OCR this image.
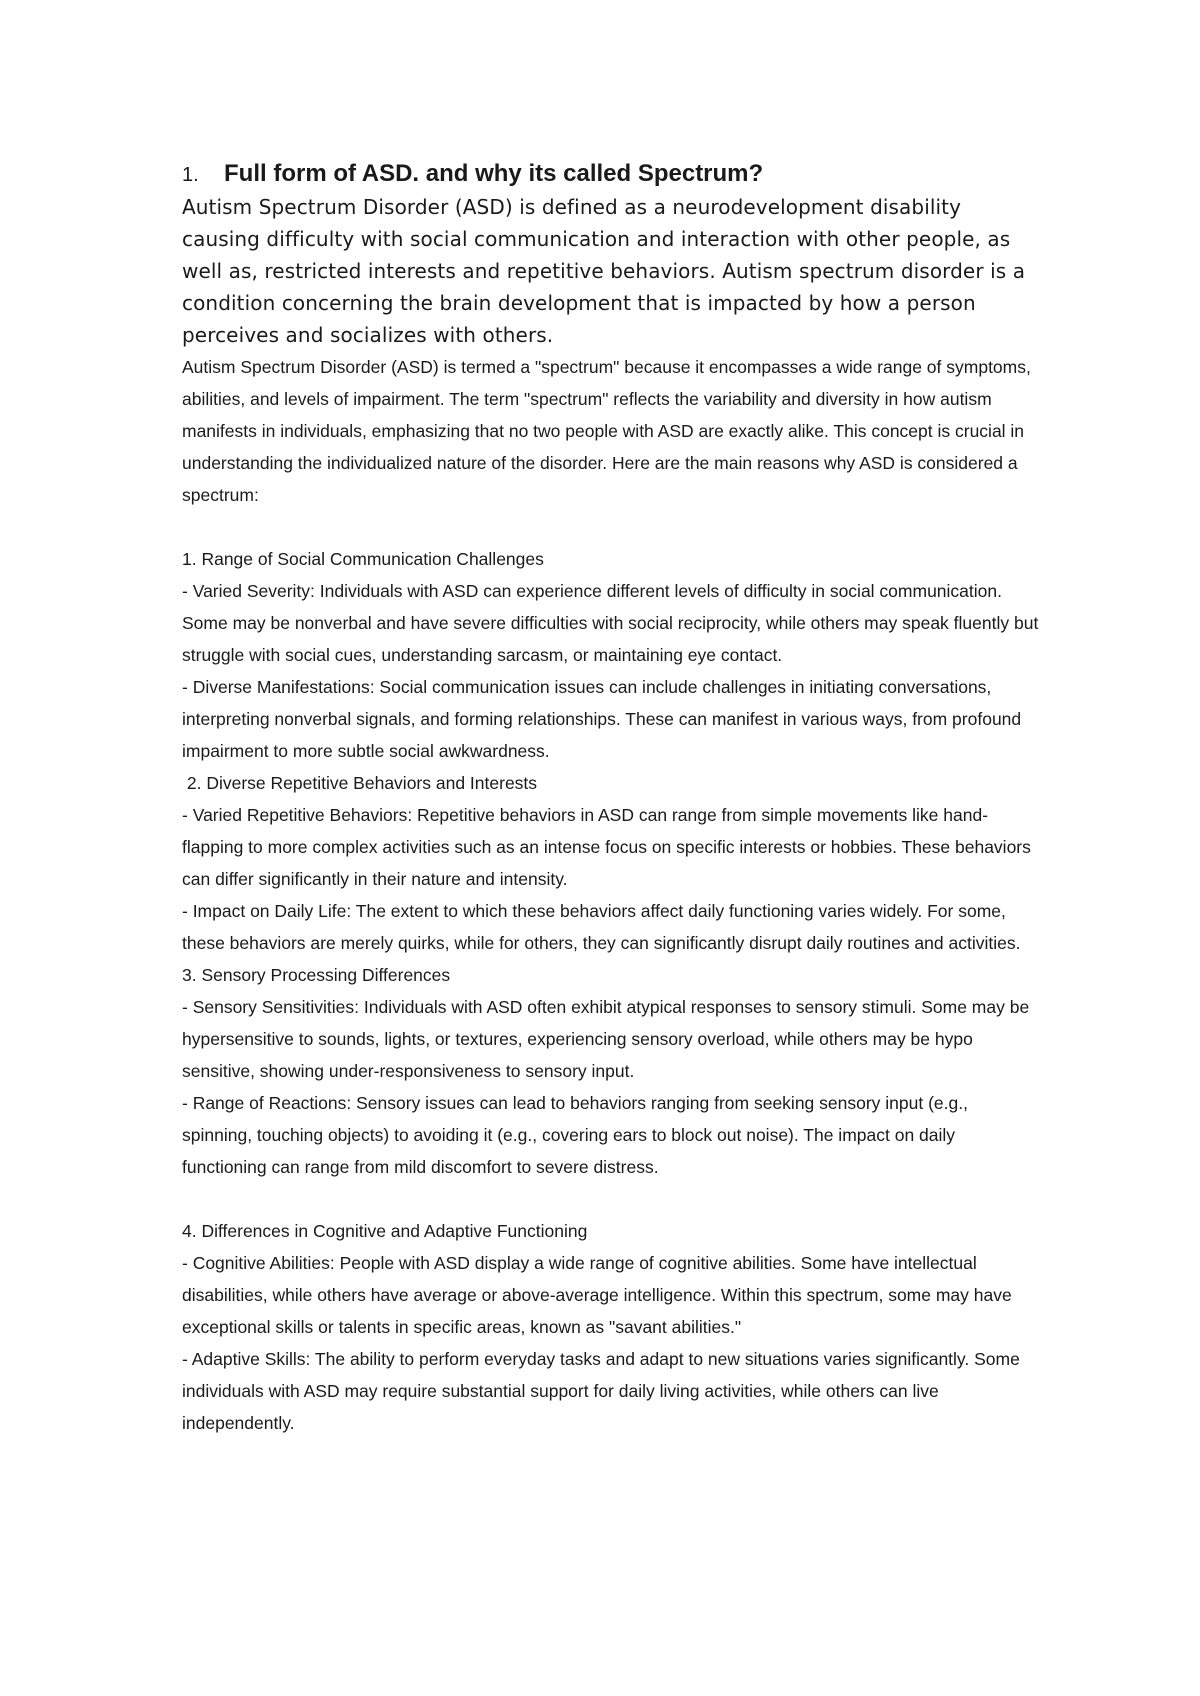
1. Full form of ASD. and why its called Spectrum?

Autism Spectrum Disorder (ASD) is defined as a neurodevelopment disability causing difficulty with social communication and interaction with other people, as well as, restricted interests and repetitive behaviors. Autism spectrum disorder is a condition concerning the brain development that is impacted by how a person perceives and socializes with others.

Autism Spectrum Disorder (ASD) is termed a "spectrum" because it encompasses a wide range of symptoms, abilities, and levels of impairment. The term "spectrum" reflects the variability and diversity in how autism manifests in individuals, emphasizing that no two people with ASD are exactly alike. This concept is crucial in understanding the individualized nature of the disorder. Here are the main reasons why ASD is considered a spectrum:

1. Range of Social Communication Challenges

- Varied Severity: Individuals with ASD can experience different levels of difficulty in social communication. Some may be nonverbal and have severe difficulties with social reciprocity, while others may speak fluently but struggle with social cues, understanding sarcasm, or maintaining eye contact.

- Diverse Manifestations: Social communication issues can include challenges in initiating conversations, interpreting nonverbal signals, and forming relationships. These can manifest in various ways, from profound impairment to more subtle social awkwardness.

2. Diverse Repetitive Behaviors and Interests

- Varied Repetitive Behaviors: Repetitive behaviors in ASD can range from simple movements like hand-flapping to more complex activities such as an intense focus on specific interests or hobbies. These behaviors can differ significantly in their nature and intensity.

- Impact on Daily Life: The extent to which these behaviors affect daily functioning varies widely. For some, these behaviors are merely quirks, while for others, they can significantly disrupt daily routines and activities.

3. Sensory Processing Differences

- Sensory Sensitivities: Individuals with ASD often exhibit atypical responses to sensory stimuli. Some may be hypersensitive to sounds, lights, or textures, experiencing sensory overload, while others may be hypo sensitive, showing under-responsiveness to sensory input.

- Range of Reactions: Sensory issues can lead to behaviors ranging from seeking sensory input (e.g., spinning, touching objects) to avoiding it (e.g., covering ears to block out noise). The impact on daily functioning can range from mild discomfort to severe distress.

4. Differences in Cognitive and Adaptive Functioning

- Cognitive Abilities: People with ASD display a wide range of cognitive abilities. Some have intellectual disabilities, while others have average or above-average intelligence. Within this spectrum, some may have exceptional skills or talents in specific areas, known as "savant abilities."

- Adaptive Skills: The ability to perform everyday tasks and adapt to new situations varies significantly. Some individuals with ASD may require substantial support for daily living activities, while others can live independently.
